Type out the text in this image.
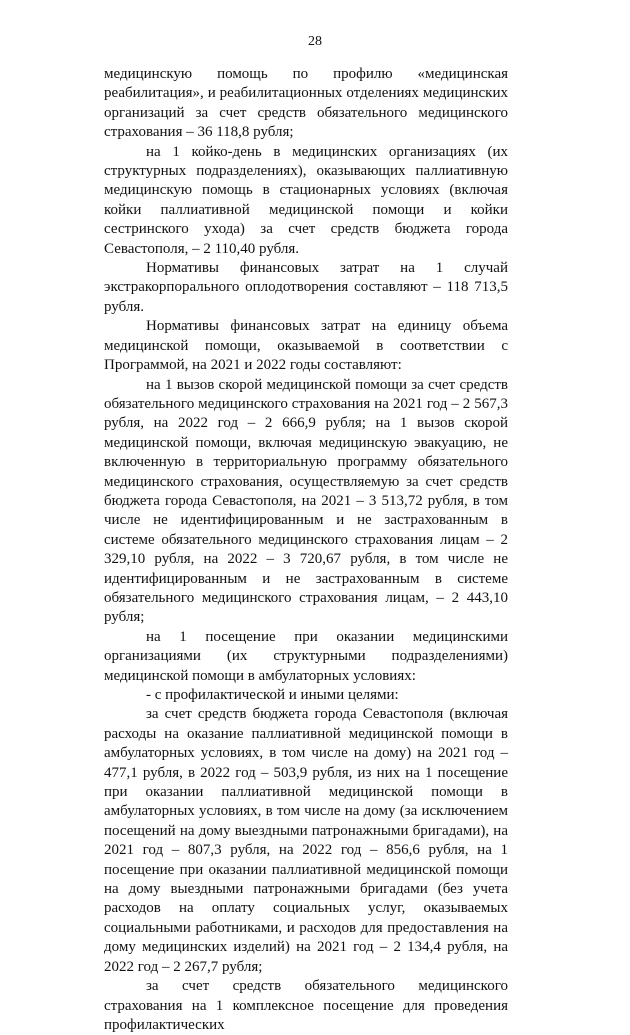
28

медицинскую помощь по профилю «медицинская реабилитация», и реабилитационных отделениях медицинских организаций за счет средств обязательного медицинского страхования – 36 118,8 рубля;

на 1 койко-день в медицинских организациях (их структурных подразделениях), оказывающих паллиативную медицинскую помощь в стационарных условиях (включая койки паллиативной медицинской помощи и койки сестринского ухода) за счет средств бюджета города Севастополя, – 2 110,40 рубля.

Нормативы финансовых затрат на 1 случай экстракорпорального оплодотворения составляют – 118 713,5 рубля.

Нормативы финансовых затрат на единицу объема медицинской помощи, оказываемой в соответствии с Программой, на 2021 и 2022 годы составляют:

на 1 вызов скорой медицинской помощи за счет средств обязательного медицинского страхования на 2021 год – 2 567,3 рубля, на 2022 год – 2 666,9 рубля; на 1 вызов скорой медицинской помощи, включая медицинскую эвакуацию, не включенную в территориальную программу обязательного медицинского страхования, осуществляемую за счет средств бюджета города Севастополя, на 2021 – 3 513,72 рубля, в том числе не идентифицированным и не застрахованным в системе обязательного медицинского страхования лицам – 2 329,10 рубля, на 2022 – 3 720,67 рубля, в том числе не идентифицированным и не застрахованным в системе обязательного медицинского страхования лицам, – 2 443,10 рубля;

на 1 посещение при оказании медицинскими организациями (их структурными подразделениями) медицинской помощи в амбулаторных условиях:

- с профилактической и иными целями:

за счет средств бюджета города Севастополя (включая расходы на оказание паллиативной медицинской помощи в амбулаторных условиях, в том числе на дому) на 2021 год – 477,1 рубля, в 2022 год – 503,9 рубля, из них на 1 посещение при оказании паллиативной медицинской помощи в амбулаторных условиях, в том числе на дому (за исключением посещений на дому выездными патронажными бригадами), на 2021 год – 807,3 рубля, на 2022 год – 856,6 рубля, на 1 посещение при оказании паллиативной медицинской помощи на дому выездными патронажными бригадами (без учета расходов на оплату социальных услуг, оказываемых социальными работниками, и расходов для предоставления на дому медицинских изделий) на 2021 год – 2 134,4 рубля, на 2022 год – 2 267,7 рубля;

за счет средств обязательного медицинского страхования на 1 комплексное посещение для проведения профилактических
